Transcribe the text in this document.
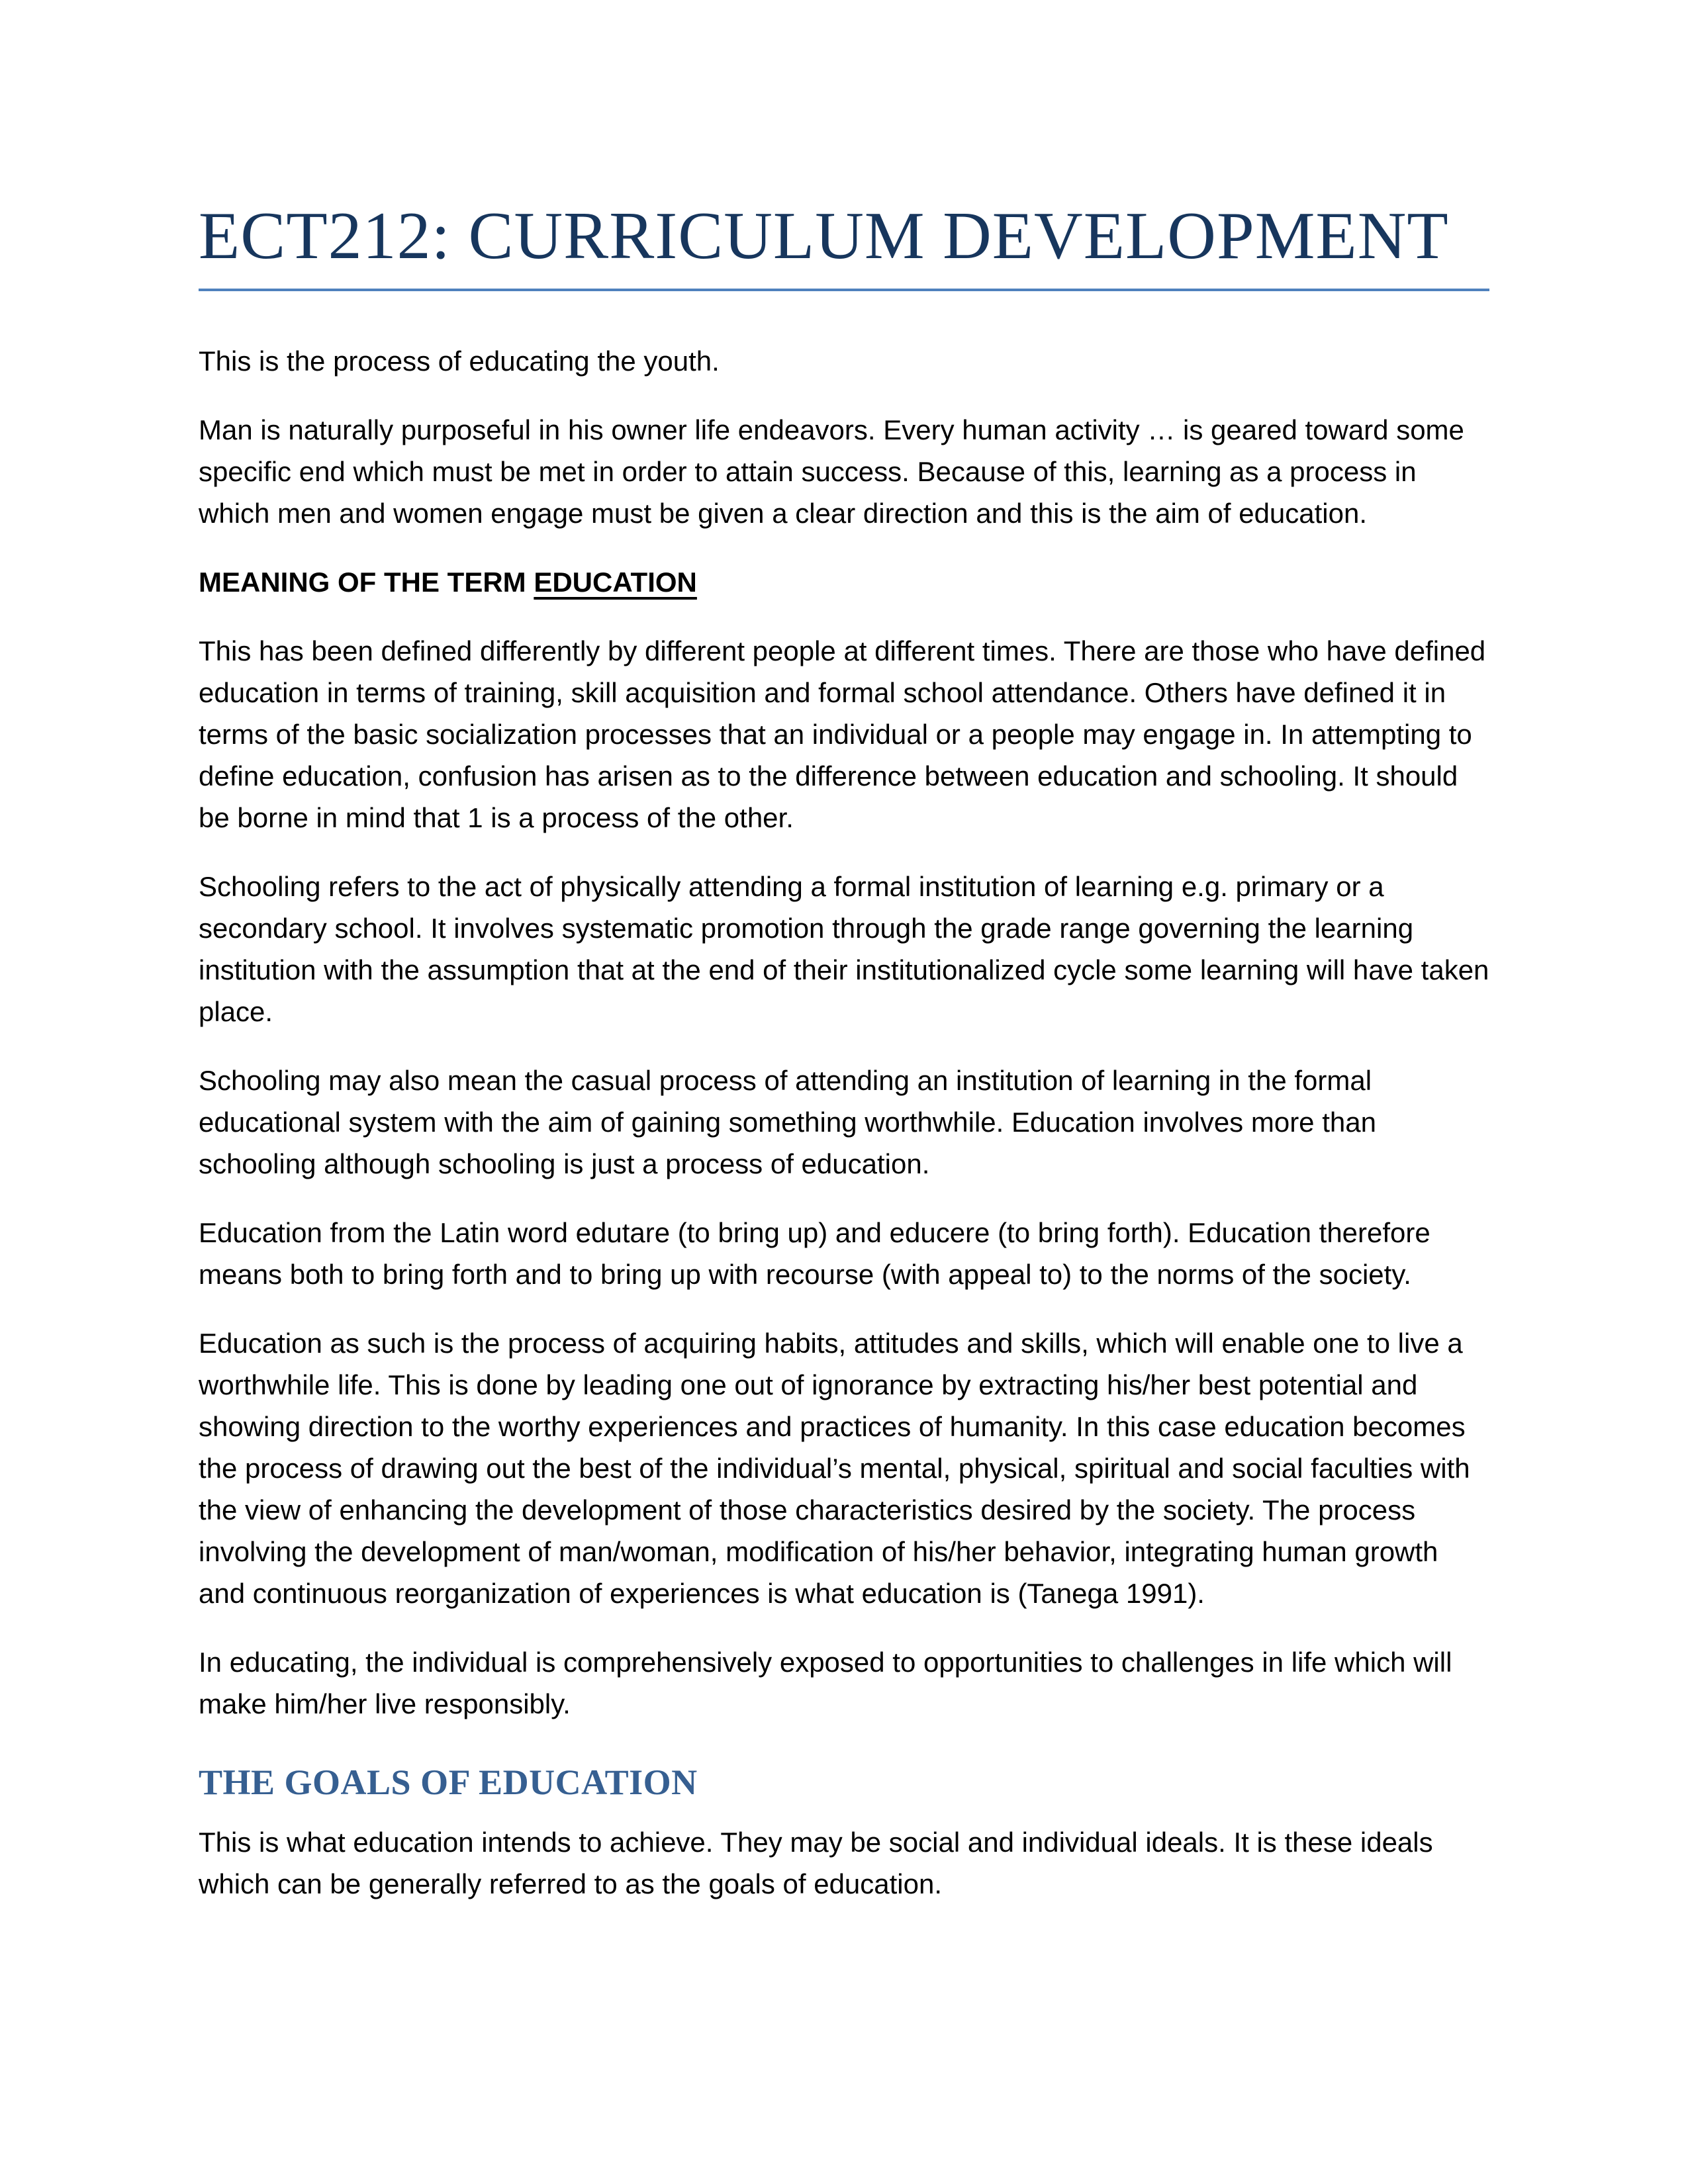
ECT212: CURRICULUM DEVELOPMENT

This is the process of educating the youth.

Man is naturally purposeful in his owner life endeavors. Every human activity … is geared toward some specific end which must be met in order to attain success. Because of this, learning as a process in which men and women engage must be given a clear direction and this is the aim of education.

MEANING OF THE TERM EDUCATION

This has been defined differently by different people at different times. There are those who have defined education in terms of training, skill acquisition and formal school attendance. Others have defined it in terms of the basic socialization processes that an individual or a people may engage in. In attempting to define education, confusion has arisen as to the difference between education and schooling. It should be borne in mind that 1 is a process of the other.

Schooling refers to the act of physically attending a formal institution of learning e.g. primary or a secondary school. It involves systematic promotion through the grade range governing the learning institution with the assumption that at the end of their institutionalized cycle some learning will have taken place.

Schooling may also mean the casual process of attending an institution of learning in the formal educational system with the aim of gaining something worthwhile. Education involves more than schooling although schooling is just a process of education.

Education from the Latin word edutare (to bring up) and educere (to bring forth). Education therefore means both to bring forth and to bring up with recourse (with appeal to) to the norms of the society.

Education as such is the process of acquiring habits, attitudes and skills, which will enable one to live a worthwhile life. This is done by leading one out of ignorance by extracting his/her best potential and showing direction to the worthy experiences and practices of humanity. In this case education becomes the process of drawing out the best of the individual’s mental, physical, spiritual and social faculties with the view of enhancing the development of those characteristics desired by the society. The process involving the development of man/woman, modification of his/her behavior, integrating human growth and continuous reorganization of experiences is what education is (Tanega 1991).

In educating, the individual is comprehensively exposed to opportunities to challenges in life which will make him/her live responsibly.

THE GOALS OF EDUCATION

This is what education intends to achieve. They may be social and individual ideals. It is these ideals which can be generally referred to as the goals of education.
